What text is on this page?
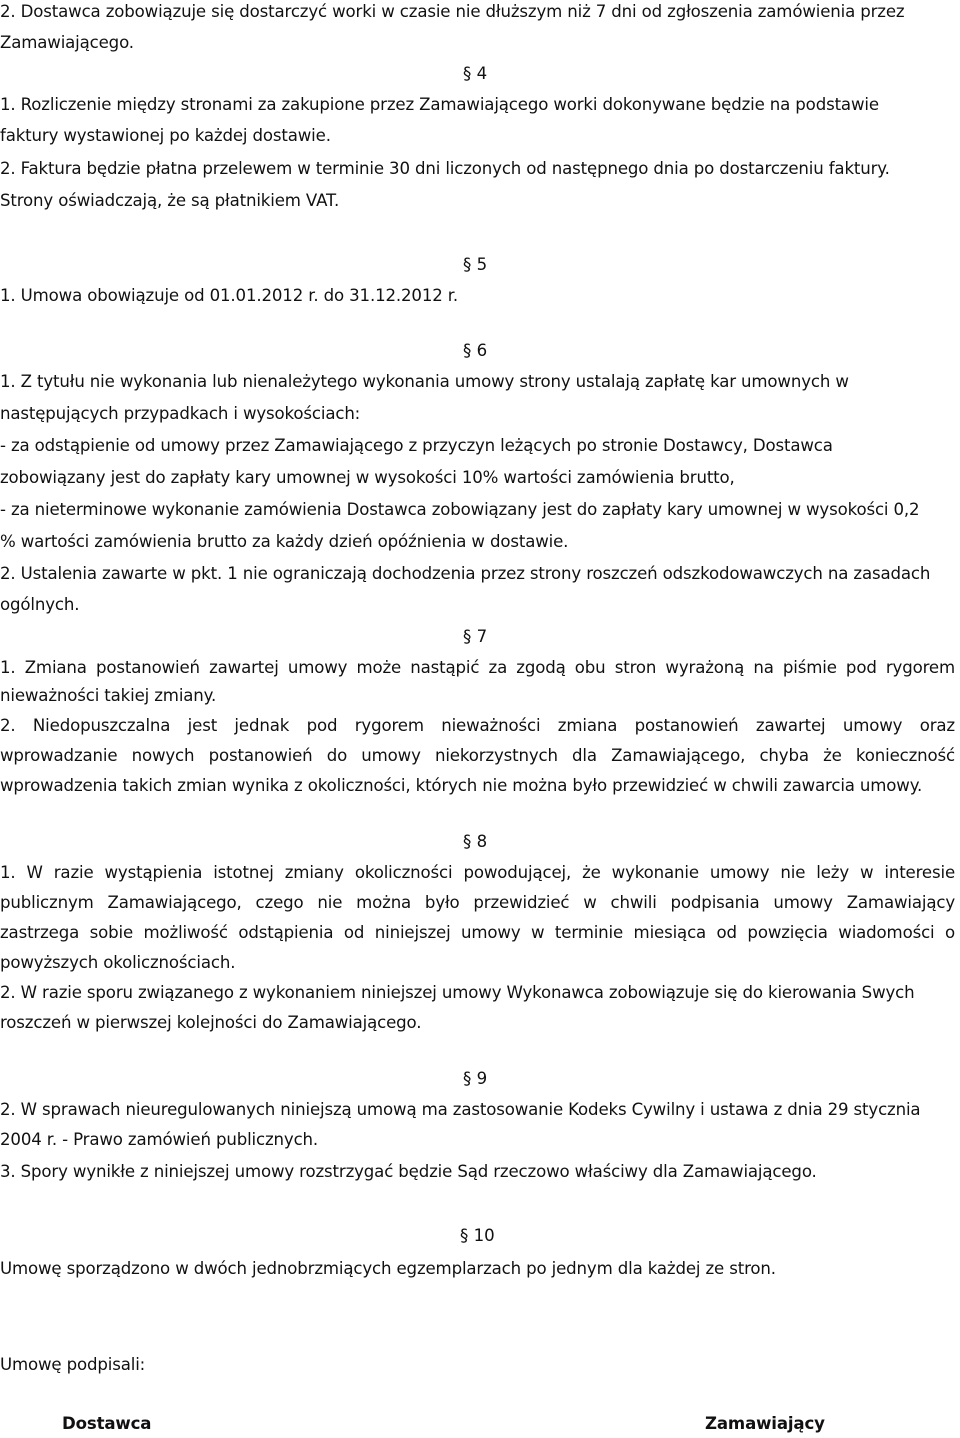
2. Dostawca zobowiązuje się dostarczyć worki w czasie nie dłuższym niż 7 dni od zgłoszenia zamówienia przez
Zamawiającego.
§ 4
1. Rozliczenie między stronami za zakupione przez Zamawiającego worki dokonywane będzie na podstawie
faktury wystawionej po każdej dostawie.
2. Faktura będzie płatna przelewem w terminie 30 dni liczonych od następnego dnia po dostarczeniu faktury.
Strony oświadczają, że są płatnikiem VAT.
§ 5
1. Umowa obowiązuje od 01.01.2012 r. do 31.12.2012 r.
§ 6
1. Z tytułu nie wykonania lub nienależytego wykonania umowy strony ustalają zapłatę kar umownych w
następujących przypadkach i wysokościach:
- za odstąpienie od umowy przez Zamawiającego z przyczyn leżących po stronie Dostawcy, Dostawca
zobowiązany jest do zapłaty kary umownej w wysokości 10% wartości zamówienia brutto,
- za nieterminowe wykonanie zamówienia Dostawca zobowiązany jest do zapłaty kary umownej w wysokości 0,2
% wartości zamówienia brutto za każdy dzień opóźnienia w dostawie.
2. Ustalenia zawarte w pkt. 1 nie ograniczają dochodzenia przez strony roszczeń odszkodowawczych na zasadach
ogólnych.
§ 7
1. Zmiana postanowień zawartej umowy może nastąpić za zgodą obu stron wyrażoną na piśmie pod rygorem
nieważności takiej zmiany.
2. Niedopuszczalna jest jednak pod rygorem nieważności zmiana postanowień zawartej umowy oraz
wprowadzanie nowych postanowień do umowy niekorzystnych dla Zamawiającego, chyba że konieczność
wprowadzenia takich zmian wynika z okoliczności, których nie można było przewidzieć w chwili zawarcia umowy.
§ 8
1. W razie wystąpienia istotnej zmiany okoliczności powodującej, że wykonanie umowy nie leży w interesie
publicznym Zamawiającego, czego nie można było przewidzieć w chwili podpisania umowy Zamawiający
zastrzega sobie możliwość odstąpienia od niniejszej umowy w terminie miesiąca od powzięcia wiadomości o
powyższych okolicznościach.
2. W razie sporu związanego z wykonaniem niniejszej umowy Wykonawca zobowiązuje się do kierowania Swych
roszczeń w pierwszej kolejności do Zamawiającego.
§ 9
2. W sprawach nieuregulowanych niniejszą umową ma zastosowanie Kodeks Cywilny i ustawa z dnia 29 stycznia
2004 r. - Prawo zamówień publicznych.
3. Spory wynikłe z niniejszej umowy rozstrzygać będzie Sąd rzeczowo właściwy dla Zamawiającego.
§ 10
Umowę sporządzono w dwóch jednobrzmiących egzemplarzach po jednym dla każdej ze stron.
Umowę podpisali:
Dostawca	Zamawiający
